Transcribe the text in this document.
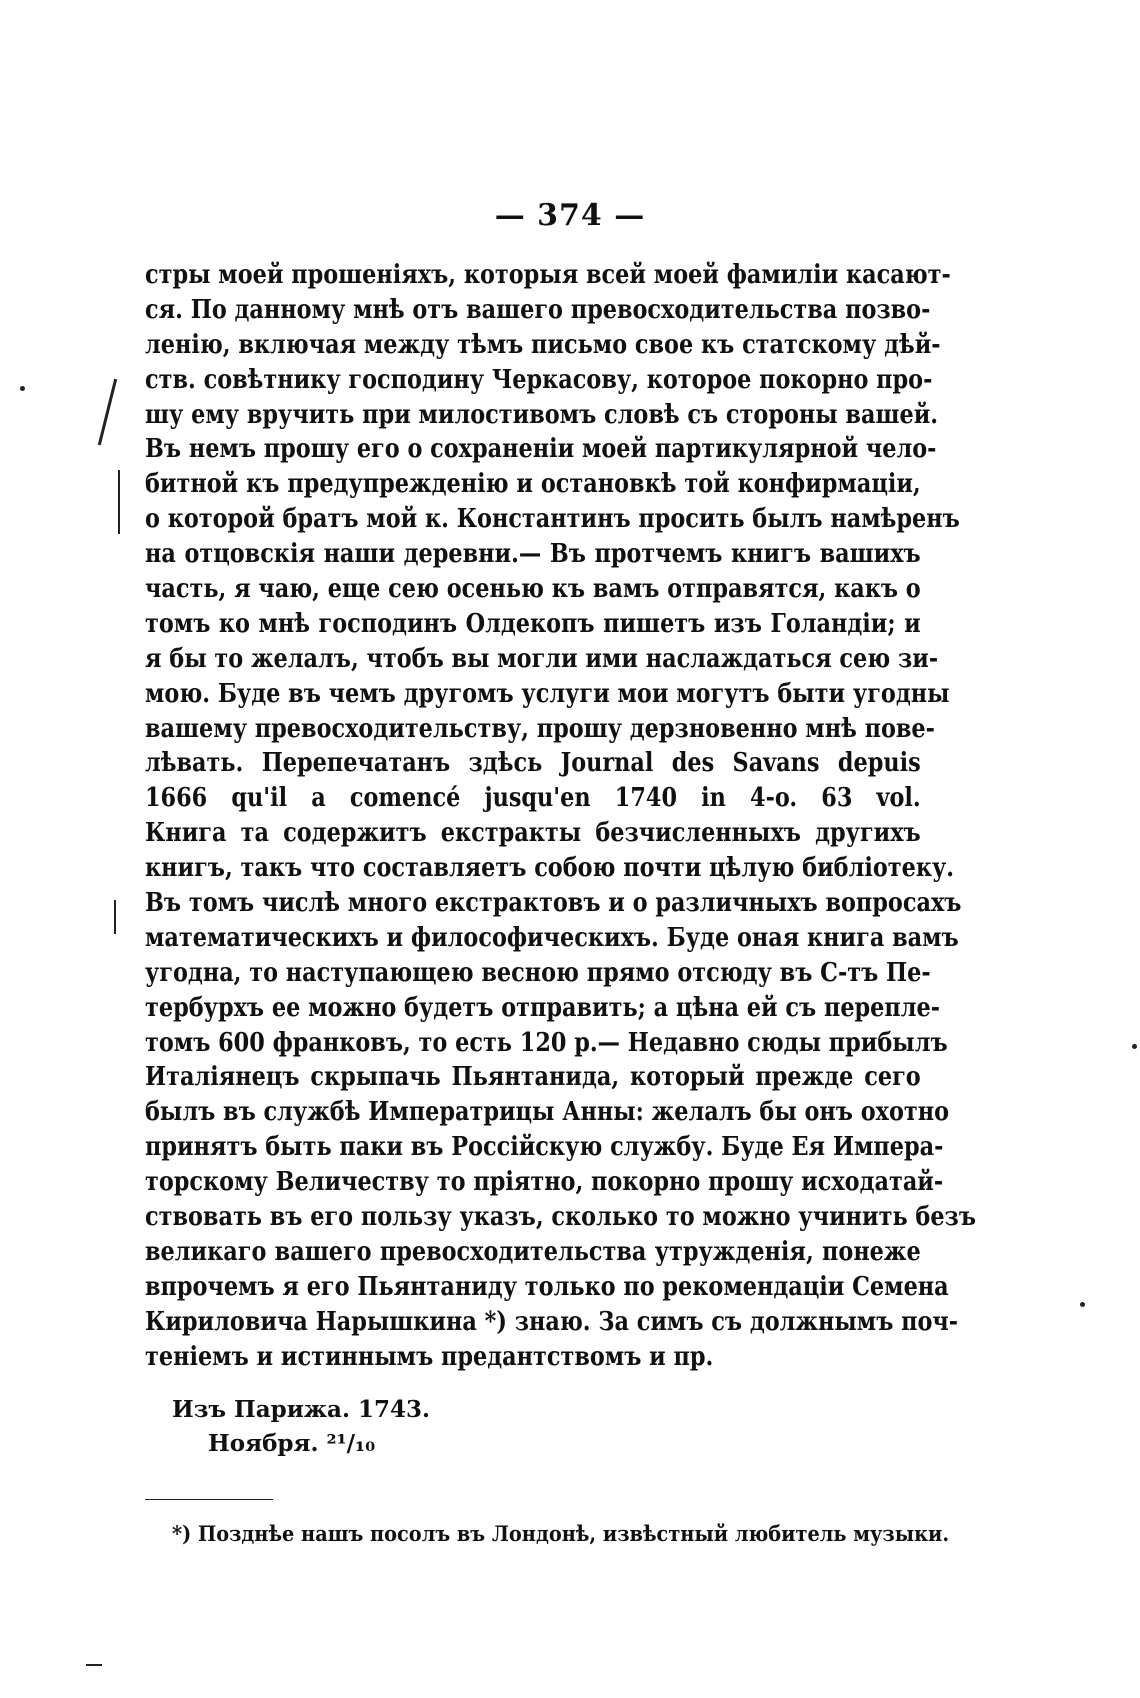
— 374 —
стры моей прошеніяхъ, которыя всей моей фамиліи касают-
ся. По данному мнѣ отъ вашего превосходительства позво-
ленію, включая между тѣмъ письмо свое къ статскому дѣй-
ств. совѣтнику господину Черкасову, которое покорно про-
шу ему вручить при милостивомъ словѣ съ стороны вашей.
Въ немъ прошу его о сохраненіи моей партикулярной чело-
битной къ предупрежденію и остановкѣ той конфирмаціи,
о которой братъ мой к. Константинъ просить былъ намѣренъ
на отцовскія наши деревни.— Въ протчемъ книгъ вашихъ
часть, я чаю, еще сею осенью къ вамъ отправятся, какъ о
томъ ко мнѣ господинъ Олдекопъ пишетъ изъ Голандіи; и
я бы то желалъ, чтобъ вы могли ими наслаждаться сею зи-
мою. Буде въ чемъ другомъ услуги мои могутъ быти угодны
вашему превосходительству, прошу дерзновенно мнѣ пове-
лѣвать. Перепечатанъ здѣсь Journal des Savans depuis
1666 qu'il a comencé jusqu'en 1740 in 4-o. 63 vol.
Книга та содержитъ екстракты безчисленныхъ другихъ
книгъ, такъ что составляетъ собою почти цѣлую библіотеку.
Въ томъ числѣ много екстрактовъ и о различныхъ вопросахъ
математическихъ и философическихъ. Буде оная книга вамъ
угодна, то наступающею весною прямо отсюду въ С-тъ Пе-
тербурхъ ее можно будетъ отправить; а цѣна ей съ перепле-
томъ 600 франковъ, то есть 120 р.— Недавно сюды прибылъ
Италіянецъ скрыпачь Пьянтанида, который прежде сего
былъ въ службѣ Императрицы Анны: желалъ бы онъ охотно
принятъ быть паки въ Россійскую службу. Буде Ея Импера-
торскому Величеству то пріятно, покорно прошу исходатай-
ствовать въ его пользу указъ, сколько то можно учинить безъ
великаго вашего превосходительства утружденія, понеже
впрочемъ я его Пьянтаниду только по рекомендаціи Семена
Кириловича Нарышкина *) знаю. За симъ съ должнымъ поч-
теніемъ и истиннымъ предантствомъ и пр.
Изъ Парижа. 1743.
Ноября. ²¹/₁₀
*) Позднѣе нашъ посолъ въ Лондонѣ, извѣстный любитель музыки.
